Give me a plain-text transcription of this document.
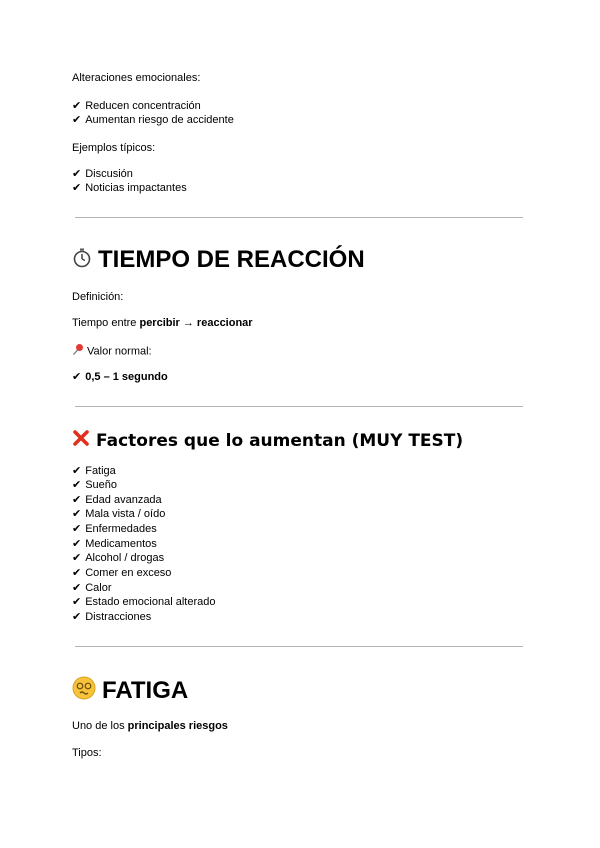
Alteraciones emocionales:
✔ Reducen concentración
✔ Aumentan riesgo de accidente
Ejemplos típicos:
✔ Discusión
✔ Noticias impactantes
TIEMPO DE REACCIÓN
Definición:
Tiempo entre percibir → reaccionar
Valor normal:
✔ 0,5 – 1 segundo
Factores que lo aumentan (MUY TEST)
✔ Fatiga
✔ Sueño
✔ Edad avanzada
✔ Mala vista / oído
✔ Enfermedades
✔ Medicamentos
✔ Alcohol / drogas
✔ Comer en exceso
✔ Calor
✔ Estado emocional alterado
✔ Distracciones
FATIGA
Uno de los principales riesgos
Tipos:
